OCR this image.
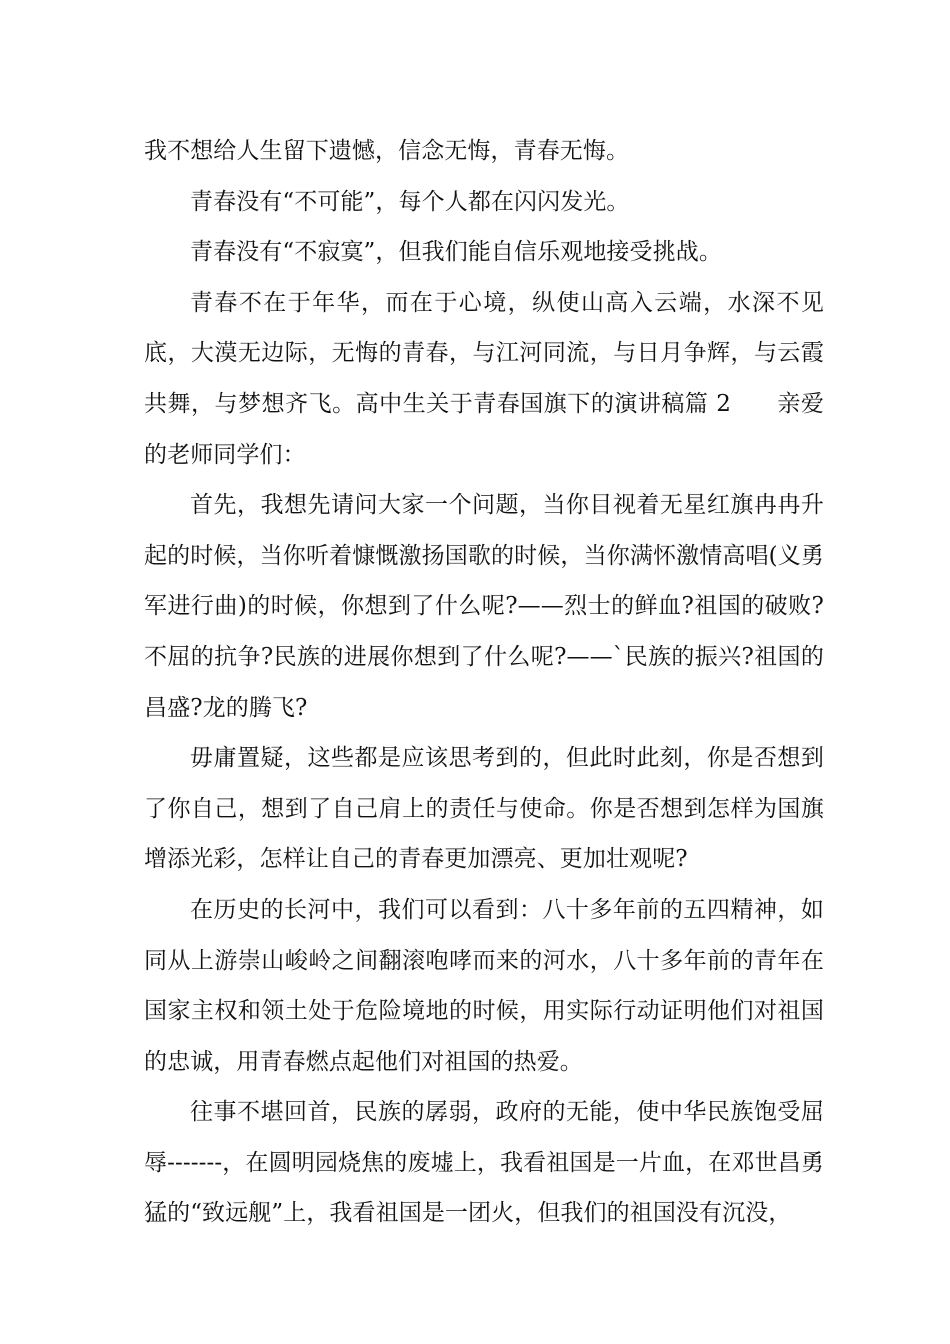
我不想给人生留下遗憾，信念无悔，青春无悔。

青春没有“不可能”，每个人都在闪闪发光。

青春没有“不寂寞”，但我们能自信乐观地接受挑战。

青春不在于年华，而在于心境，纵使山高入云端，水深不见底，大漠无边际，无悔的青春，与江河同流，与日月争辉，与云霞共舞，与梦想齐飞。高中生关于青春国旗下的演讲稿篇 2 亲爱的老师同学们：

首先，我想先请问大家一个问题，当你目视着无星红旗冉冉升起的时候，当你听着慷慨激扬国歌的时候，当你满怀激情高唱(义勇军进行曲)的时候，你想到了什么呢?——烈士的鲜血?祖国的破败?不屈的抗争?民族的进展你想到了什么呢?——`民族的振兴?祖国的昌盛?龙的腾飞?

毋庸置疑，这些都是应该思考到的，但此时此刻，你是否想到了你自己，想到了自己肩上的责任与使命。你是否想到怎样为国旗增添光彩，怎样让自己的青春更加漂亮、更加壮观呢?

在历史的长河中，我们可以看到：八十多年前的五四精神，如同从上游崇山峻岭之间翻滚咆哮而来的河水，八十多年前的青年在国家主权和领土处于危险境地的时候，用实际行动证明他们对祖国的忠诚，用青春燃点起他们对祖国的热爱。

往事不堪回首，民族的孱弱，政府的无能，使中华民族饱受屈辱-------，在圆明园烧焦的废墟上，我看祖国是一片血，在邓世昌勇猛的“致远舰”上，我看祖国是一团火，但我们的祖国没有沉没，
